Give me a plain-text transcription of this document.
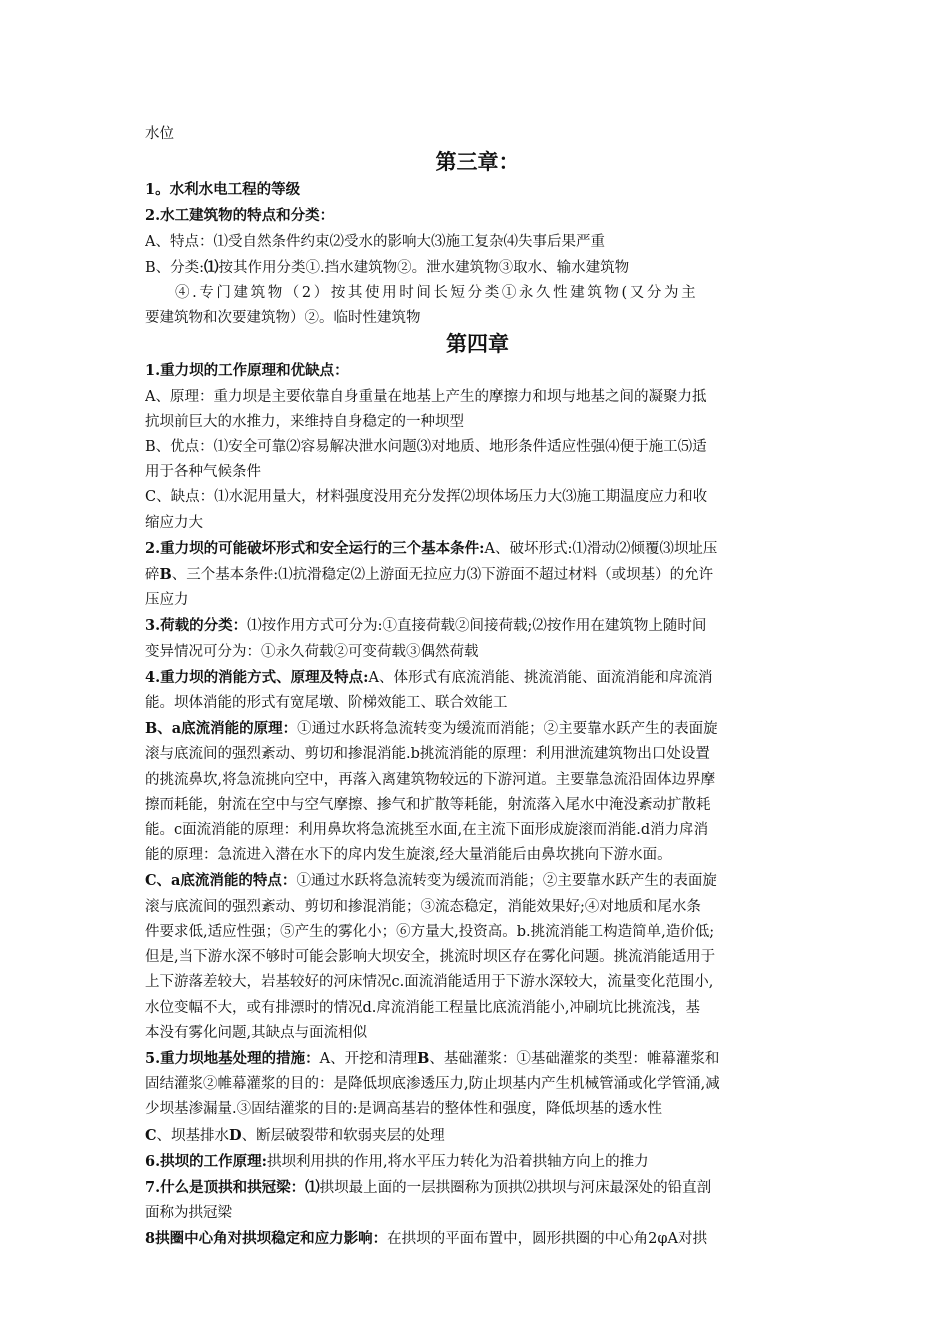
水位
第三章：
1。水利水电工程的等级
2.水工建筑物的特点和分类：
A、特点：⑴受自然条件约束⑵受水的影响大⑶施工复杂⑷失事后果严重
B、分类:⑴按其作用分类①.挡水建筑物②。泄水建筑物③取水、输水建筑物
④.专门建筑物（2）按其使用时间长短分类①永久性建筑物(又分为主
要建筑物和次要建筑物）②。临时性建筑物
第四章
1.重力坝的工作原理和优缺点：
A、原理：重力坝是主要依靠自身重量在地基上产生的摩擦力和坝与地基之间的凝聚力抵
抗坝前巨大的水推力，来维持自身稳定的一种坝型
B、优点：⑴安全可靠⑵容易解决泄水问题⑶对地质、地形条件适应性强⑷便于施工⑸适
用于各种气候条件
C、缺点：⑴水泥用量大，材料强度没用充分发挥⑵坝体场压力大⑶施工期温度应力和收
缩应力大
2.重力坝的可能破坏形式和安全运行的三个基本条件:A、破坏形式:⑴滑动⑵倾覆⑶坝址压
碎B、三个基本条件:⑴抗滑稳定⑵上游面无拉应力⑶下游面不超过材料（或坝基）的允许
压应力
3.荷载的分类：⑴按作用方式可分为:①直接荷载②间接荷载;⑵按作用在建筑物上随时间
变异情况可分为：①永久荷载②可变荷载③偶然荷载
4.重力坝的消能方式、原理及特点:A、体形式有底流消能、挑流消能、面流消能和戽流消
能。坝体消能的形式有宽尾墩、阶梯效能工、联合效能工
B、a底流消能的原理：①通过水跃将急流转变为缓流而消能；②主要靠水跃产生的表面旋
滚与底流间的强烈紊动、剪切和掺混消能.b挑流消能的原理：利用泄流建筑物出口处设置
的挑流鼻坎,将急流挑向空中，再落入离建筑物较远的下游河道。主要靠急流沿固体边界摩
擦而耗能，射流在空中与空气摩擦、掺气和扩散等耗能，射流落入尾水中淹没紊动扩散耗
能。c面流消能的原理：利用鼻坎将急流挑至水面,在主流下面形成旋滚而消能.d消力戽消
能的原理：急流进入潜在水下的戽内发生旋滚,经大量消能后由鼻坎挑向下游水面。
C、a底流消能的特点：①通过水跃将急流转变为缓流而消能；②主要靠水跃产生的表面旋
滚与底流间的强烈紊动、剪切和掺混消能；③流态稳定，消能效果好;④对地质和尾水条
件要求低,适应性强；⑤产生的雾化小；⑥方量大,投资高。b.挑流消能工构造简单,造价低;
但是,当下游水深不够时可能会影响大坝安全，挑流时坝区存在雾化问题。挑流消能适用于
上下游落差较大，岩基较好的河床情况c.面流消能适用于下游水深较大，流量变化范围小,
水位变幅不大，或有排漂时的情况d.戽流消能工程量比底流消能小,冲刷坑比挑流浅，基
本没有雾化问题,其缺点与面流相似
5.重力坝地基处理的措施：A、开挖和清理B、基础灌浆：①基础灌浆的类型：帷幕灌浆和
固结灌浆②帷幕灌浆的目的：是降低坝底渗透压力,防止坝基内产生机械管涌或化学管涌,减
少坝基渗漏量.③固结灌浆的目的:是调高基岩的整体性和强度，降低坝基的透水性
C、坝基排水D、断层破裂带和软弱夹层的处理
6.拱坝的工作原理:拱坝利用拱的作用,将水平压力转化为沿着拱轴方向上的推力
7.什么是顶拱和拱冠梁：⑴拱坝最上面的一层拱圈称为顶拱⑵拱坝与河床最深处的铅直剖
面称为拱冠梁
8拱圈中心角对拱坝稳定和应力影响：在拱坝的平面布置中，圆形拱圈的中心角2φA对拱
